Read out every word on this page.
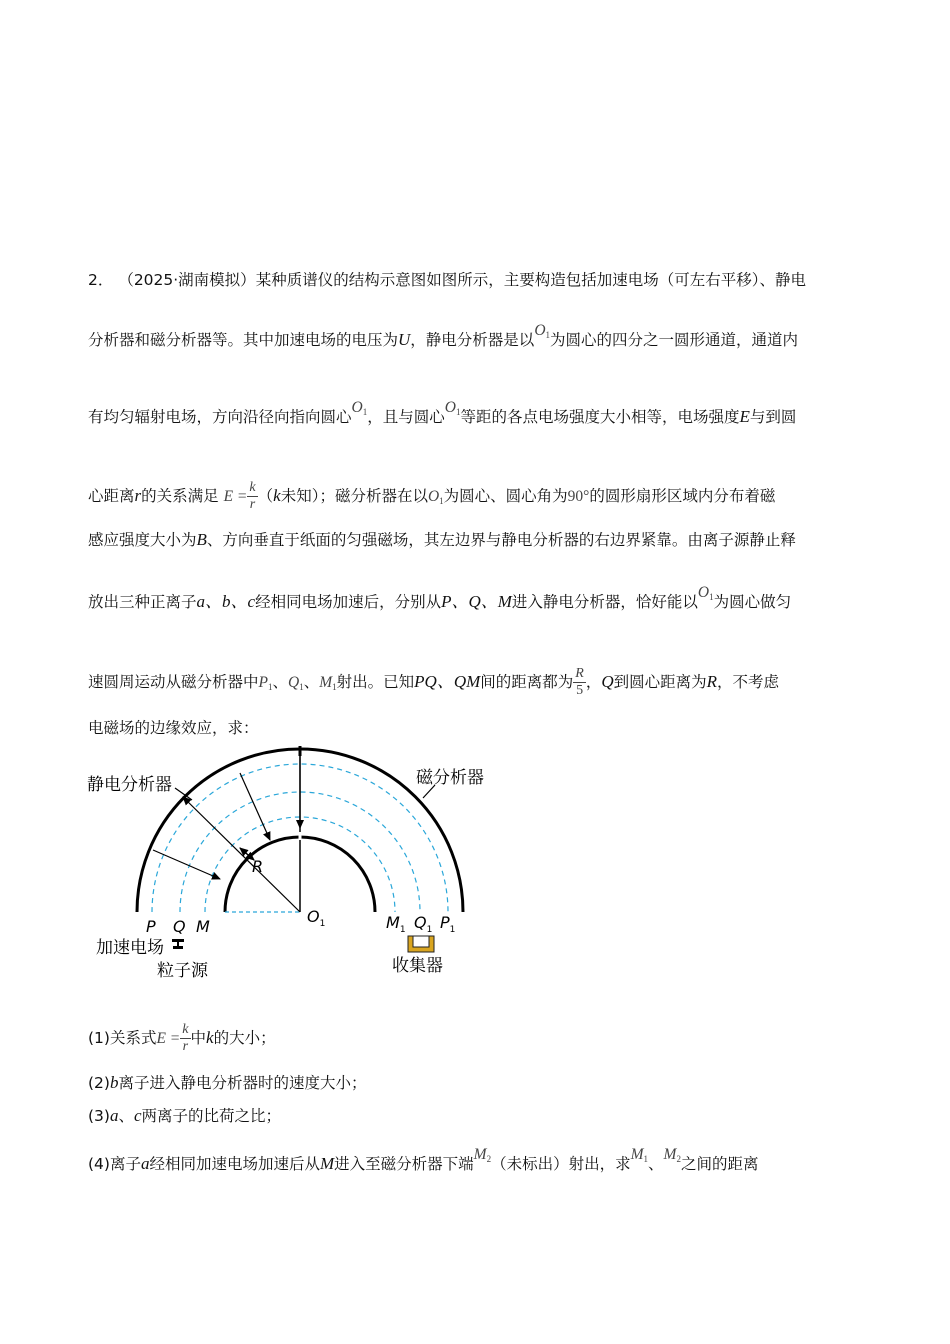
2． （2025·湖南模拟）某种质谱仪的结构示意图如图所示，主要构造包括加速电场（可左右平移）、静电
分析器和磁分析器等。其中加速电场的电压为U，静电分析器是以O1为圆心的四分之一圆形通道，通道内
有均匀辐射电场，方向沿径向指向圆心O1，且与圆心O1等距的各点电场强度大小相等，电场强度E与到圆
心距离r的关系满足 $E = \frac{k}{r} (k$未知）；磁分析器在以O1为圆心、圆心角为90°的圆形扇形区域内分布着磁
感应强度大小为B、方向垂直于纸面的匀强磁场，其左边界与静电分析器的右边界紧靠。由离子源静止释
放出三种正离子a、b、c经相同电场加速后，分别从P、Q、M进入静电分析器，恰好能以O1为圆心做匀
速圆周运动从磁分析器中P1、Q1、M1射出。已知PQ、QM间的距离都为 $\frac{R}{5}$ ，Q到圆心距离为R，不考虑
电磁场的边缘效应，求：
静电分析器	磁分析器
R
P Q M
$O_1$	$M_1$ $Q_1$ $P_1$
加速电场
粒子源	收集器
(1)关系式$E = \frac{k}{r}$ 中k的大小；
(2)b离子进入静电分析器时的速度大小；
(3)a、c两离子的比荷之比；
(4)离子a经相同加速电场加速后从M进入至磁分析器下端M2（未标出）射出，求M1、M2之间的距离
